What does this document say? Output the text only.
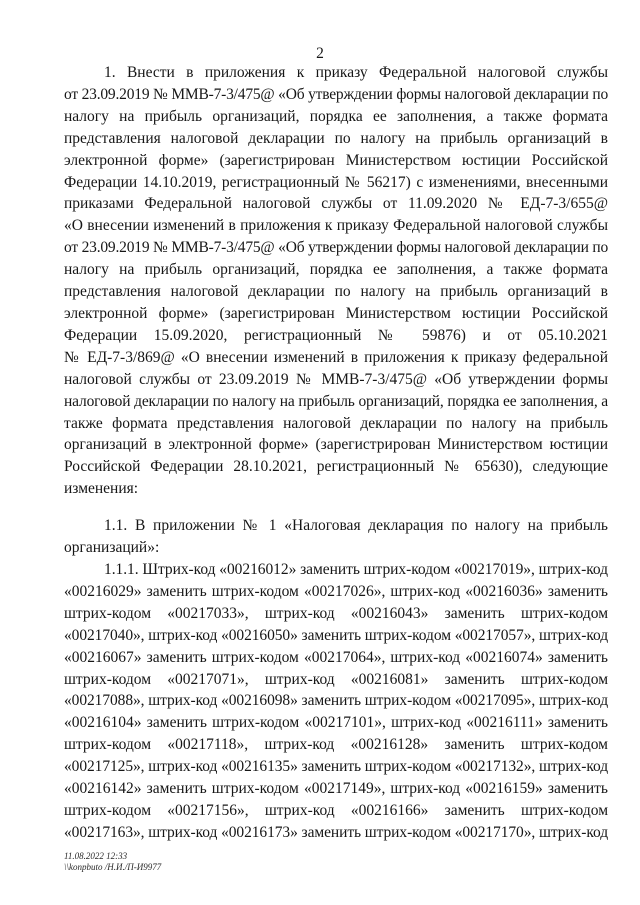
2
1. Внести в приложения к приказу Федеральной налоговой службы
от 23.09.2019 № ММВ-7-3/475@ «Об утверждении формы налоговой декларации по
налогу на прибыль организаций, порядка ее заполнения, а также формата
представления налоговой декларации по налогу на прибыль организаций в
электронной форме» (зарегистрирован Министерством юстиции Российской
Федерации 14.10.2019, регистрационный № 56217) с изменениями, внесенными
приказами Федеральной налоговой службы от 11.09.2020 № ЕД-7-3/655@
«О внесении изменений в приложения к приказу Федеральной налоговой службы
от 23.09.2019 № ММВ-7-3/475@ «Об утверждении формы налоговой декларации по
налогу на прибыль организаций, порядка ее заполнения, а также формата
представления налоговой декларации по налогу на прибыль организаций в
электронной форме» (зарегистрирован Министерством юстиции Российской
Федерации 15.09.2020, регистрационный № 59876) и от 05.10.2021
№ ЕД-7-3/869@ «О внесении изменений в приложения к приказу федеральной
налоговой службы от 23.09.2019 № ММВ-7-3/475@ «Об утверждении формы
налоговой декларации по налогу на прибыль организаций, порядка ее заполнения, а
также формата представления налоговой декларации по налогу на прибыль
организаций в электронной форме» (зарегистрирован Министерством юстиции
Российской Федерации 28.10.2021, регистрационный № 65630), следующие
изменения:
1.1. В приложении № 1 «Налоговая декларация по налогу на прибыль
организаций»:
1.1.1. Штрих-код «00216012» заменить штрих-кодом «00217019», штрих-код
«00216029» заменить штрих-кодом «00217026», штрих-код «00216036» заменить
штрих-кодом «00217033», штрих-код «00216043» заменить штрих-кодом
«00217040», штрих-код «00216050» заменить штрих-кодом «00217057», штрих-код
«00216067» заменить штрих-кодом «00217064», штрих-код «00216074» заменить
штрих-кодом «00217071», штрих-код «00216081» заменить штрих-кодом
«00217088», штрих-код «00216098» заменить штрих-кодом «00217095», штрих-код
«00216104» заменить штрих-кодом «00217101», штрих-код «00216111» заменить
штрих-кодом «00217118», штрих-код «00216128» заменить штрих-кодом
«00217125», штрих-код «00216135» заменить штрих-кодом «00217132», штрих-код
«00216142» заменить штрих-кодом «00217149», штрих-код «00216159» заменить
штрих-кодом «00217156», штрих-код «00216166» заменить штрих-кодом
«00217163», штрих-код «00216173» заменить штрих-кодом «00217170», штрих-код
11.08.2022 12:33
\\konpbuto /Н.И./П-И9977
